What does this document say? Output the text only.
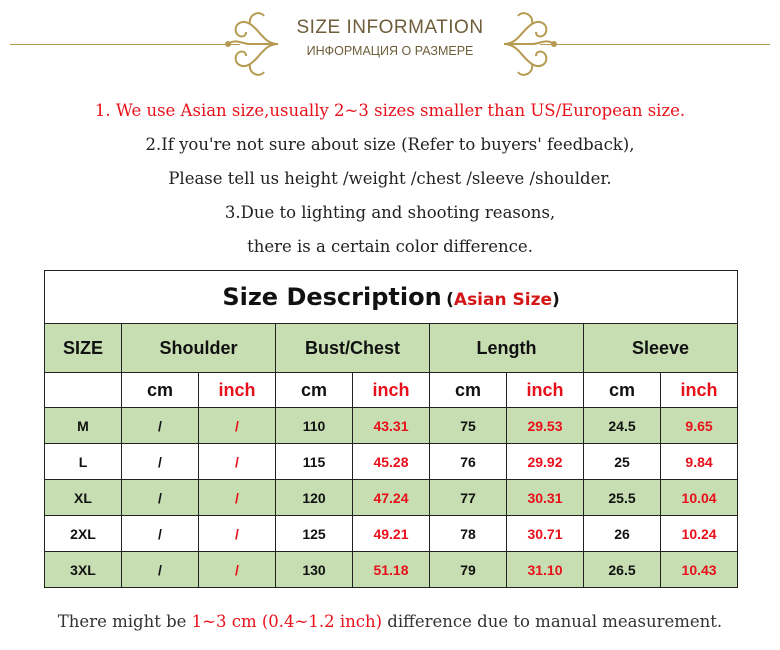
SIZE INFORMATION
ИНФОРМАЦИЯ О РАЗМЕРЕ

1. We use Asian size,usually 2~3 sizes smaller than US/European size.

2.If you're not sure about size (Refer to buyers' feedback),

Please tell us height /weight /chest /sleeve /shoulder.

3.Due to lighting and shooting reasons,

there is a certain color difference.

Size Description (Asian Size)								
SIZE	Shoulder		Bust/Chest		Length		Sleeve	
	cm	inch	cm	inch	cm	inch	cm	inch
M	/	/	110	43.31	75	29.53	24.5	9.65
L	/	/	115	45.28	76	29.92	25	9.84
XL	/	/	120	47.24	77	30.31	25.5	10.04
2XL	/	/	125	49.21	78	30.71	26	10.24
3XL	/	/	130	51.18	79	31.10	26.5	10.43
There might be 1~3 cm (0.4~1.2 inch) difference due to manual measurement.
